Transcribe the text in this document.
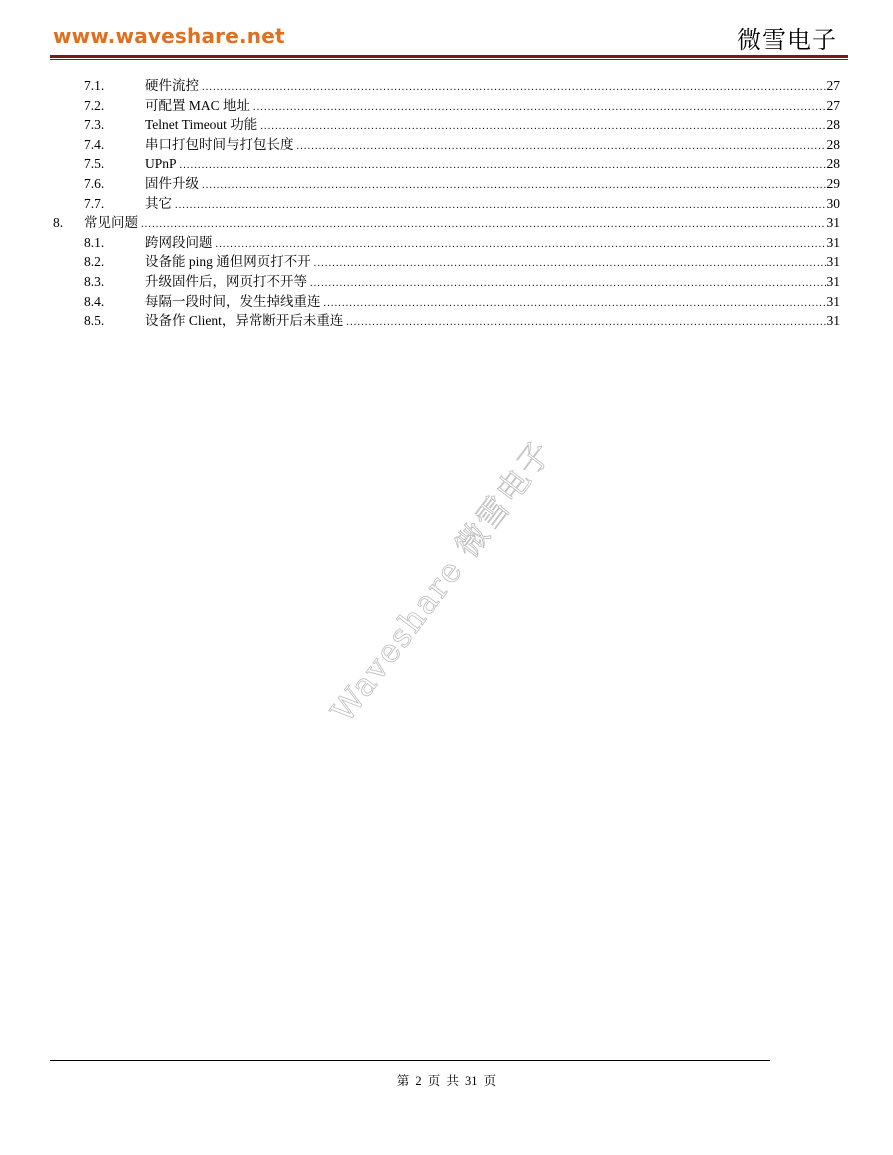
www.waveshare.net	微雪电子
7.1.	硬件流控 .....	27
7.2.	可配置 MAC 地址 .....	27
7.3.	Telnet Timeout 功能 .....	28
7.4.	串口打包时间与打包长度 .....	28
7.5.	UPnP .....	28
7.6.	固件升级 .....	29
7.7.	其它 .....	30
8. 常见问题 .....	31
8.1.	跨网段问题 .....	31
8.2.	设备能 ping 通但网页打不开 .....	31
8.3.	升级固件后，网页打不开等 .....	31
8.4.	每隔一段时间，发生掉线重连 .....	31
8.5.	设备作 Client，异常断开后未重连 .....	31
Waveshare 微雪电子
第 2 页 共 31 页
